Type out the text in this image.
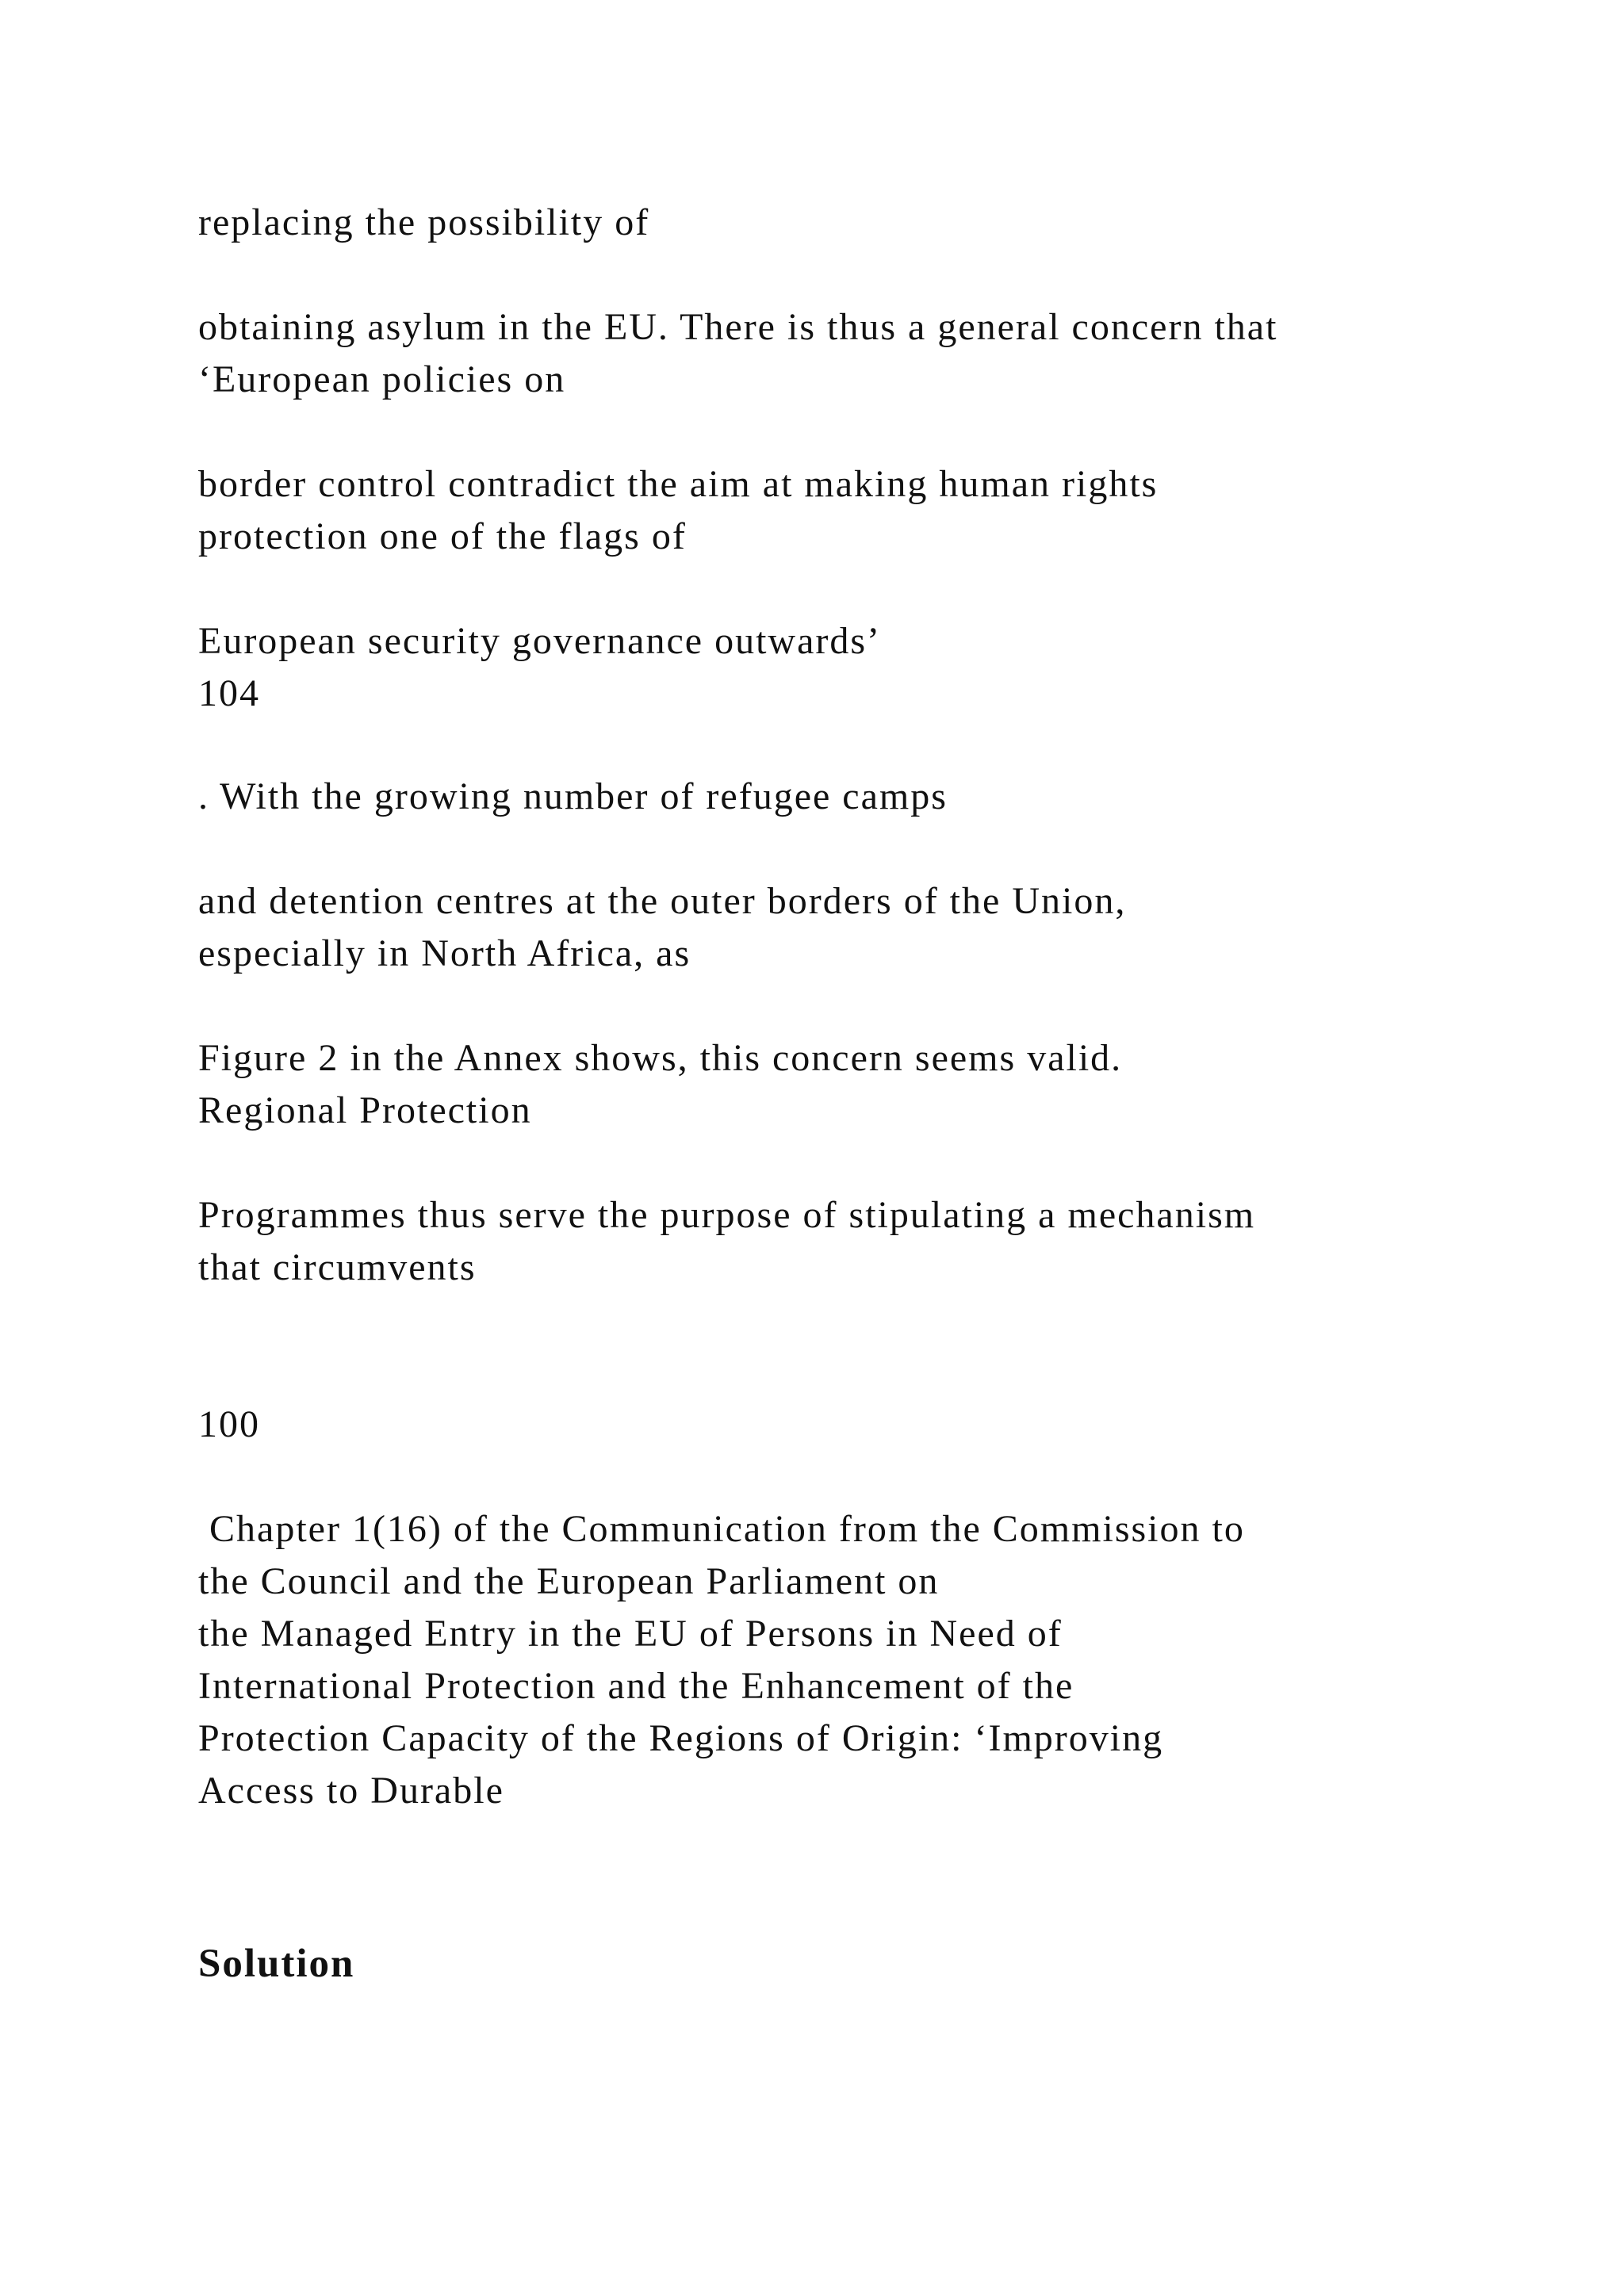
replacing the possibility of

obtaining asylum in the EU. There is thus a general concern that

‘European policies on

border control contradict the aim at making human rights

protection one of the flags of

European security governance outwards’

104

. With the growing number of refugee camps

and detention centres at the outer borders of the Union,

especially in North Africa, as

Figure 2 in the Annex shows, this concern seems valid.

Regional Protection

Programmes thus serve the purpose of stipulating a mechanism

that circumvents

100

Chapter 1(16) of the Communication from the Commission to

the Council and the European Parliament on

the Managed Entry in the EU of Persons in Need of

International Protection and the Enhancement of the

Protection Capacity of the Regions of Origin: ‘Improving

Access to Durable

Solution
